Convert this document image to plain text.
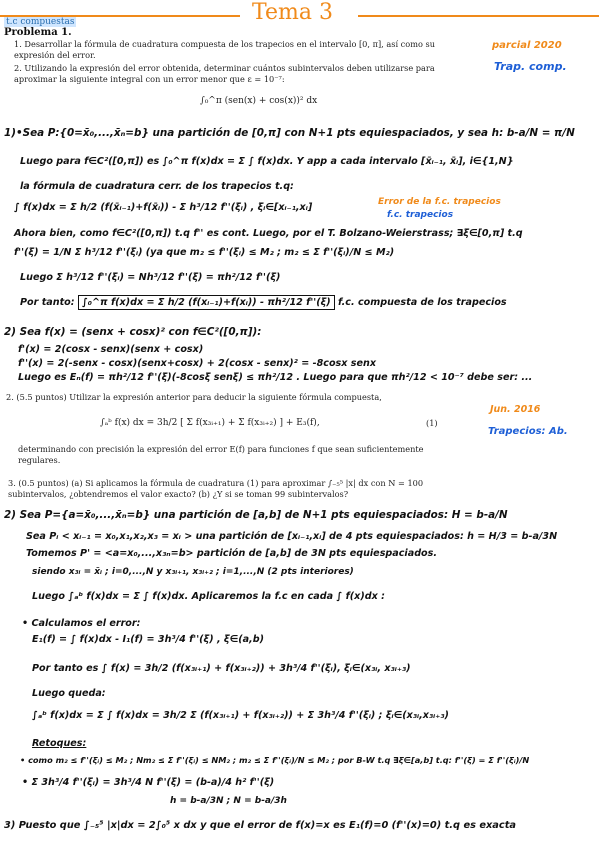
Tema 3
t.c compuestas
Problema 1.
1. Desarrollar la fórmula de cuadratura compuesta de los trapecios en el intervalo [0, π], así como su expresión del error.
2. Utilizando la expresión del error obtenida, determinar cuántos subintervalos deben utilizarse para aproximar la siguiente integral con un error menor que ε = 10⁻⁷:
∫₀^π (sen(x) + cos(x))² dx
parcial 2020
Trap. comp.
1)•Sea P:{0=x̄₀,...,x̄ₙ=b} una partición de [0,π] con N+1 pts equiespaciados, y sea h: b-a/N = π/N
Luego para f∈C²([0,π]) es ∫₀^π f(x)dx = Σ ∫ f(x)dx. Y app a cada intervalo [x̄ᵢ₋₁, x̄ᵢ], i∈{1,N}
la fórmula de cuadratura cerr. de los trapecios t.q:
∫ f(x)dx = Σ h/2 (f(x̄ᵢ₋₁)+f(x̄ᵢ)) - Σ h³/12 f''(ξᵢ) , ξᵢ∈[xᵢ₋₁,xᵢ]	Error de la f.c. trapecios
f.c. trapecios
Ahora bien, como f∈C²([0,π]) t.q f'' es cont. Luego, por el T. Bolzano-Weierstrass; ∃ξ∈[0,π] t.q
f''(ξ) = 1/N Σ h³/12 f''(ξᵢ) (ya que m₂ ≤ f''(ξᵢ) ≤ M₂ ; m₂ ≤ Σ f''(ξᵢ)/N ≤ M₂)
Luego Σ h³/12 f''(ξᵢ) = Nh³/12 f''(ξ) = πh²/12 f''(ξ)
Por tanto: ∫₀^π f(x)dx = Σ h/2 (f(xᵢ₋₁)+f(xᵢ)) - πh²/12 f''(ξ) f.c. compuesta de los trapecios
2) Sea f(x) = (senx + cosx)² con f∈C²([0,π]):
f'(x) = 2(cosx - senx)(senx + cosx)
f''(x) = 2(-senx - cosx)(senx+cosx) + 2(cosx - senx)² = -8cosx senx
Luego es Eₙ(f) = πh²/12 f''(ξ)(-8cosξ senξ) ≤ πh²/12 . Luego para que πh²/12 < 10⁻⁷ debe ser: ...
2. (5.5 puntos) Utilizar la expresión anterior para deducir la siguiente fórmula compuesta,
Jun. 2016
Trapecios: Ab.
∫ₐᵇ f(x) dx = 3h/2 [ Σ f(x₃ᵢ₊₁) + Σ f(x₃ᵢ₊₂) ] + E₃(f),	(1)
determinando con precisión la expresión del error E(f) para funciones f que sean suficientemente regulares.
3. (0.5 puntos) (a) Si aplicamos la fórmula de cuadratura (1) para aproximar ∫₋₅⁵ |x| dx con N = 100 subintervalos, ¿obtendremos el valor exacto? (b) ¿Y si se toman 99 subintervalos?
2) Sea P={a=x̄₀,...,x̄ₙ=b} una partición de [a,b] de N+1 pts equiespaciados: H = b-a/N
Sea Pᵢ < xᵢ₋₁ = x₀,x₁,x₂,x₃ = xᵢ > una partición de [xᵢ₋₁,xᵢ] de 4 pts equiespaciados: h = H/3 = b-a/3N
Tomemos P' = <a=x₀,...,x₃ₙ=b> partición de [a,b] de 3N pts equiespaciados.
siendo x₃ᵢ = x̄ᵢ ; i=0,...,N y x₃ᵢ₊₁, x₃ᵢ₊₂ ; i=1,...,N (2 pts interiores)
Luego ∫ₐᵇ f(x)dx = Σ ∫ f(x)dx. Aplicaremos la f.c en cada ∫ f(x)dx :
• Calculamos el error:
E₁(f) = ∫ f(x)dx - I₁(f) = 3h³/4 f''(ξ) , ξ∈(a,b)
Por tanto es ∫ f(x) = 3h/2 (f(x₃ᵢ₊₁) + f(x₃ᵢ₊₂)) + 3h³/4 f''(ξᵢ), ξᵢ∈(x₃ᵢ, x₃ᵢ₊₃)
Luego queda:
∫ₐᵇ f(x)dx = Σ ∫ f(x)dx = 3h/2 Σ (f(x₃ᵢ₊₁) + f(x₃ᵢ₊₂)) + Σ 3h³/4 f''(ξᵢ) ; ξᵢ∈(x₃ᵢ,x₃ᵢ₊₃)
Retoques:
• como m₂ ≤ f''(ξᵢ) ≤ M₂ ; Nm₂ ≤ Σ f''(ξᵢ) ≤ NM₂ ; m₂ ≤ Σ f''(ξᵢ)/N ≤ M₂ ; por B-W t.q ∃ξ∈[a,b] t.q: f''(ξ) = Σ f''(ξᵢ)/N
• Σ 3h³/4 f''(ξᵢ) = 3h³/4 N f''(ξ) = (b-a)/4 h² f''(ξ)
h = b-a/3N ; N = b-a/3h
3) Puesto que ∫₋₅⁵ |x|dx = 2∫₀⁵ x dx y que el error de f(x)=x es E₁(f)=0 (f''(x)=0) t.q es exacta
